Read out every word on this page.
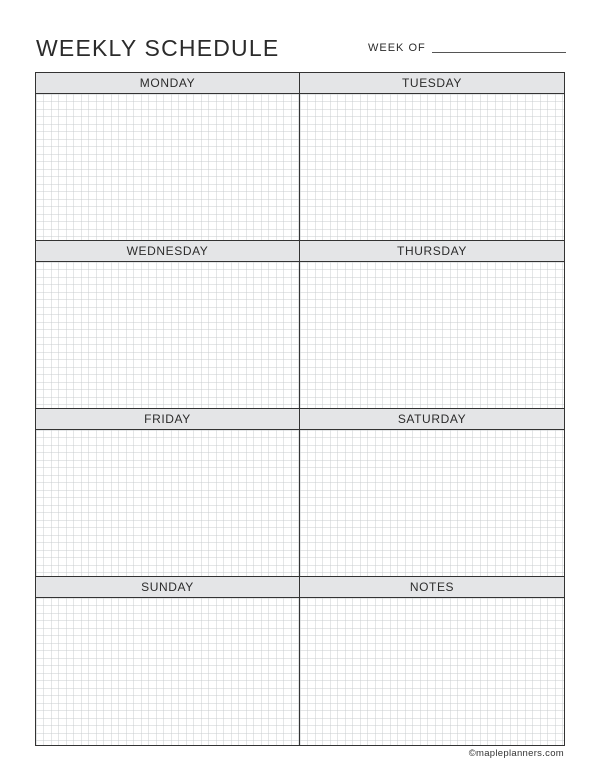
WEEKLY SCHEDULE	WEEK OF
MONDAY	TUESDAY
WEDNESDAY	THURSDAY
FRIDAY	SATURDAY
SUNDAY	NOTES
©mapleplanners.com
